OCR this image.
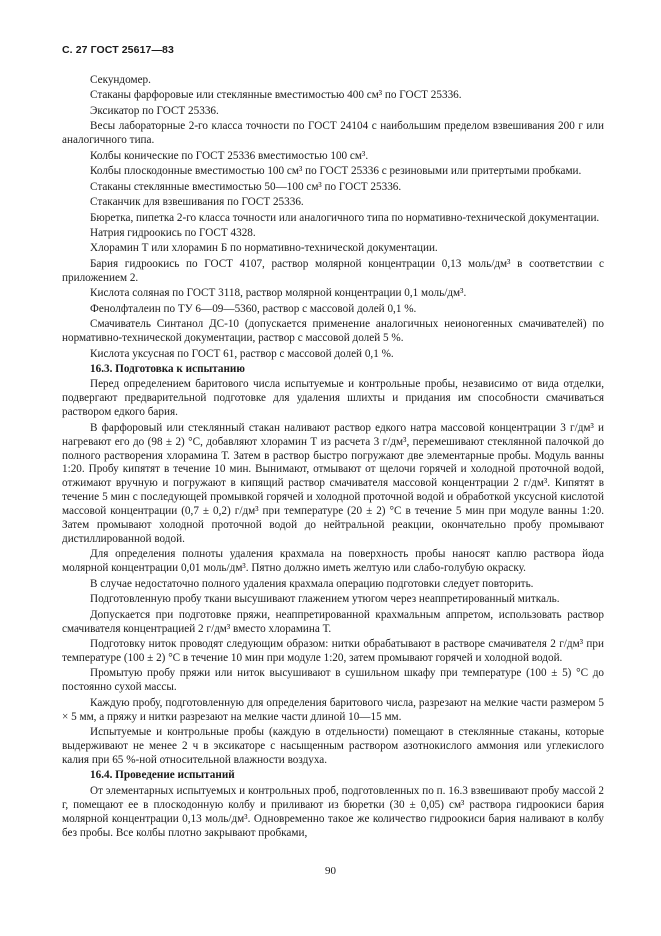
С. 27 ГОСТ 25617—83

Секундомер.

Стаканы фарфоровые или стеклянные вместимостью 400 см³ по ГОСТ 25336.

Эксикатор по ГОСТ 25336.

Весы лабораторные 2-го класса точности по ГОСТ 24104 с наибольшим пределом взвешивания 200 г или аналогичного типа.

Колбы конические по ГОСТ 25336 вместимостью 100 см³.

Колбы плоскодонные вместимостью 100 см³ по ГОСТ 25336 с резиновыми или притертыми пробками.

Стаканы стеклянные вместимостью 50—100 см³ по ГОСТ 25336.

Стаканчик для взвешивания по ГОСТ 25336.

Бюретка, пипетка 2-го класса точности или аналогичного типа по нормативно-технической документации.

Натрия гидроокись по ГОСТ 4328.

Хлорамин Т или хлорамин Б по нормативно-технической документации.

Бария гидроокись по ГОСТ 4107, раствор молярной концентрации 0,13 моль/дм³ в соответствии с приложением 2.

Кислота соляная по ГОСТ 3118, раствор молярной концентрации 0,1 моль/дм³.

Фенолфталеин по ТУ 6—09—5360, раствор с массовой долей 0,1 %.

Смачиватель Синтанол ДС-10 (допускается применение аналогичных неионогенных смачивателей) по нормативно-технической документации, раствор с массовой долей 5 %.

Кислота уксусная по ГОСТ 61, раствор с массовой долей 0,1 %.

16.3. Подготовка к испытанию

Перед определением баритового числа испытуемые и контрольные пробы, независимо от вида отделки, подвергают предварительной подготовке для удаления шлихты и придания им способности смачиваться раствором едкого бария.

В фарфоровый или стеклянный стакан наливают раствор едкого натра массовой концентрации 3 г/дм³ и нагревают его до (98 ± 2) °С, добавляют хлорамин Т из расчета 3 г/дм³, перемешивают стеклянной палочкой до полного растворения хлорамина Т. Затем в раствор быстро погружают две элементарные пробы. Модуль ванны 1:20. Пробу кипятят в течение 10 мин. Вынимают, отмывают от щелочи горячей и холодной проточной водой, отжимают вручную и погружают в кипящий раствор смачивателя массовой концентрации 2 г/дм³. Кипятят в течение 5 мин с последующей промывкой горячей и холодной проточной водой и обработкой уксусной кислотой массовой концентрации (0,7 ± 0,2) г/дм³ при температуре (20 ± 2) °С в течение 5 мин при модуле ванны 1:20. Затем промывают холодной проточной водой до нейтральной реакции, окончательно пробу промывают дистиллированной водой.

Для определения полноты удаления крахмала на поверхность пробы наносят каплю раствора йода молярной концентрации 0,01 моль/дм³. Пятно должно иметь желтую или слабо-голубую окраску.

В случае недостаточно полного удаления крахмала операцию подготовки следует повторить.

Подготовленную пробу ткани высушивают глажением утюгом через неаппретированный миткаль.

Допускается при подготовке пряжи, неаппретированной крахмальным аппретом, использовать раствор смачивателя концентрацией 2 г/дм³ вместо хлорамина Т.

Подготовку ниток проводят следующим образом: нитки обрабатывают в растворе смачивателя 2 г/дм³ при температуре (100 ± 2) °С в течение 10 мин при модуле 1:20, затем промывают горячей и холодной водой.

Промытую пробу пряжи или ниток высушивают в сушильном шкафу при температуре (100 ± 5) °С до постоянно сухой массы.

Каждую пробу, подготовленную для определения баритового числа, разрезают на мелкие части размером 5 × 5 мм, а пряжу и нитки разрезают на мелкие части длиной 10—15 мм.

Испытуемые и контрольные пробы (каждую в отдельности) помещают в стеклянные стаканы, которые выдерживают не менее 2 ч в эксикаторе с насыщенным раствором азотнокислого аммония или углекислого калия при 65 %-ной относительной влажности воздуха.

16.4. Проведение испытаний

От элементарных испытуемых и контрольных проб, подготовленных по п. 16.3 взвешивают пробу массой 2 г, помещают ее в плоскодонную колбу и приливают из бюретки (30 ± 0,05) см³ раствора гидроокиси бария молярной концентрации 0,13 моль/дм³. Одновременно такое же количество гидроокиси бария наливают в колбу без пробы. Все колбы плотно закрывают пробками,

90
